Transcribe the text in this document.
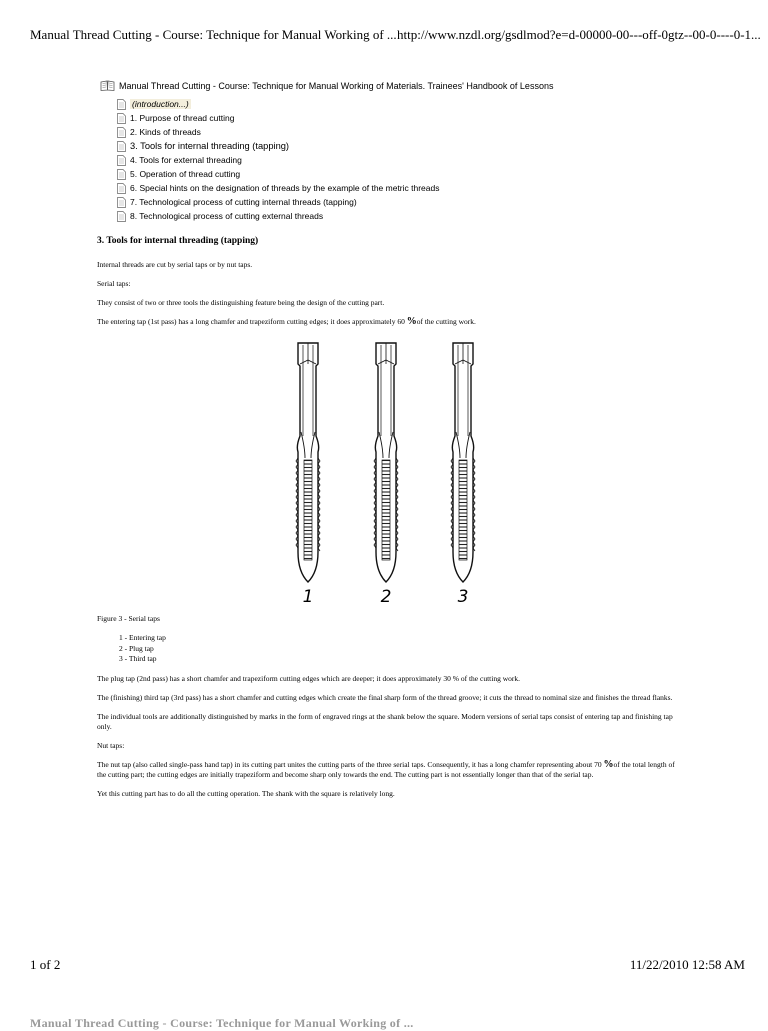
Manual Thread Cutting - Course: Technique for Manual Working of ... http://www.nzdl.org/gsdlmod?e=d-00000-00---off-0gtz--00-0----0-1...
Manual Thread Cutting - Course: Technique for Manual Working of Materials. Trainees' Handbook of Lessons
(introduction...)
1. Purpose of thread cutting
2. Kinds of threads
3. Tools for internal threading (tapping)
4. Tools for external threading
5. Operation of thread cutting
6. Special hints on the designation of threads by the example of the metric threads
7. Technological process of cutting internal threads (tapping)
8. Technological process of cutting external threads
3. Tools for internal threading (tapping)

Internal threads are cut by serial taps or by nut taps.

Serial taps:

They consist of two or three tools the distinguishing feature being the design of the cutting part.

The entering tap (1st pass) has a long chamfer and trapeziform cutting edges; it does approximately 60 %of the cutting work.

1	2	3
Figure 3 - Serial taps
1 - Entering tap
2 - Plug tap
3 - Third tap

The plug tap (2nd pass) has a short chamfer and trapeziform cutting edges which are deeper; it does approximately 30 % of the cutting work.

The (finishing) third tap (3rd pass) has a short chamfer and cutting edges which create the final sharp form of the thread groove; it cuts the thread to nominal size and finishes the thread flanks.

The individual tools are additionally distinguished by marks in the form of engraved rings at the shank below the square. Modern versions of serial taps consist of entering tap and finishing tap only.

Nut taps:

The nut tap (also called single-pass hand tap) in its cutting part unites the cutting parts of the three serial taps. Consequently, it has a long chamfer representing about 70 %of the total length of the cutting part; the cutting edges are initially trapeziform and become sharp only towards the end. The cutting part is not essentially longer than that of the serial tap.

Yet this cutting part has to do all the cutting operation. The shank with the square is relatively long.

1 of 2	11/22/2010 12:58 AM
Manual Thread Cutting - Course: Technique for Manual Working of ...
